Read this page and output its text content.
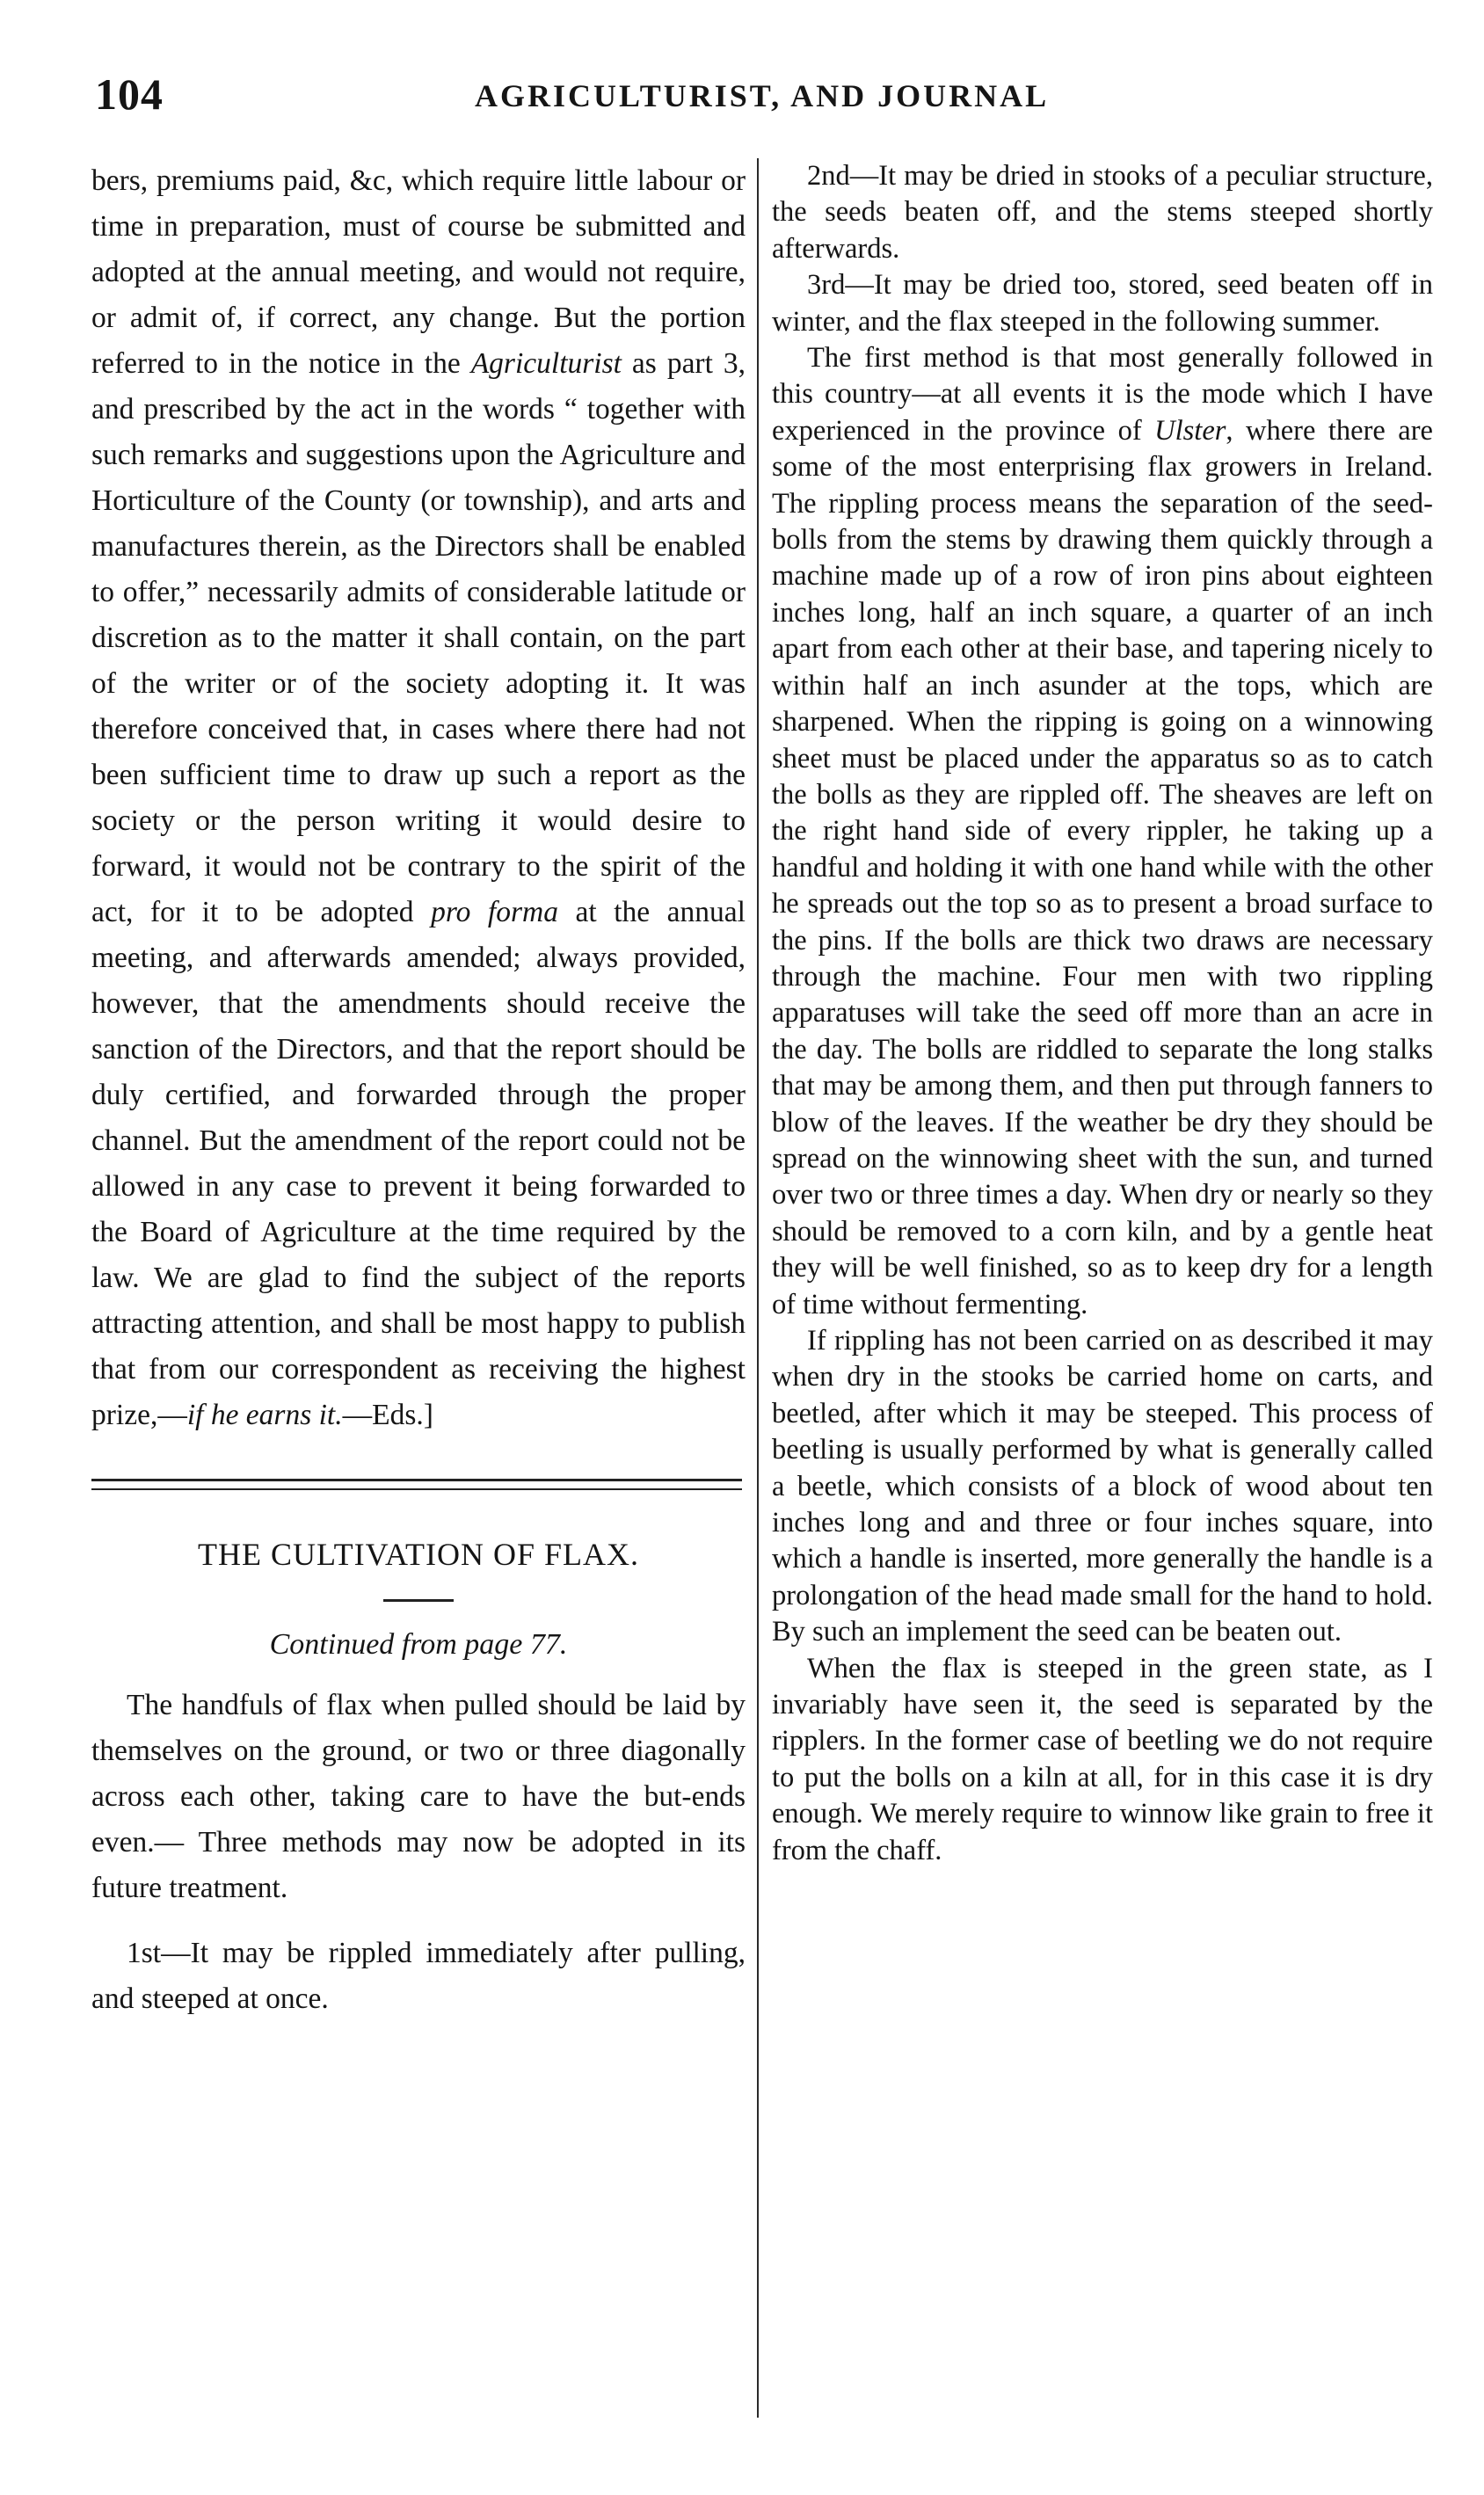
104	AGRICULTURIST, AND JOURNAL

bers, premiums paid, &c, which require little labour or time in preparation, must of course be submitted and adopted at the annual meeting, and would not require, or admit of, if correct, any change. But the portion referred to in the notice in the Agriculturist as part 3, and prescribed by the act in the words “ together with such remarks and suggestions upon the Agriculture and Horticulture of the County (or township), and arts and manufactures therein, as the Directors shall be enabled to offer,” necessarily admits of considerable latitude or discretion as to the matter it shall contain, on the part of the writer or of the society adopting it. It was therefore conceived that, in cases where there had not been sufficient time to draw up such a report as the society or the person writing it would desire to forward, it would not be contrary to the spirit of the act, for it to be adopted pro forma at the annual meeting, and afterwards amended; always provided, however, that the amendments should receive the sanction of the Directors, and that the report should be duly certified, and forwarded through the proper channel. But the amendment of the report could not be allowed in any case to prevent it being forwarded to the Board of Agriculture at the time required by the law. We are glad to find the subject of the reports attracting attention, and shall be most happy to publish that from our correspondent as receiving the highest prize,—if he earns it.—Eds.]

THE CULTIVATION OF FLAX.
Continued from page 77.

The handfuls of flax when pulled should be laid by themselves on the ground, or two or three diagonally across each other, taking care to have the but-ends even.— Three methods may now be adopted in its future treatment.

1st—It may be rippled immediately after pulling, and steeped at once.

2nd—It may be dried in stooks of a peculiar structure, the seeds beaten off, and the stems steeped shortly afterwards.

3rd—It may be dried too, stored, seed beaten off in winter, and the flax steeped in the following summer.

The first method is that most generally followed in this country—at all events it is the mode which I have experienced in the province of Ulster, where there are some of the most enterprising flax growers in Ireland. The rippling process means the separation of the seed-bolls from the stems by drawing them quickly through a machine made up of a row of iron pins about eighteen inches long, half an inch square, a quarter of an inch apart from each other at their base, and tapering nicely to within half an inch asunder at the tops, which are sharpened. When the ripping is going on a winnowing sheet must be placed under the apparatus so as to catch the bolls as they are rippled off. The sheaves are left on the right hand side of every rippler, he taking up a handful and holding it with one hand while with the other he spreads out the top so as to present a broad surface to the pins. If the bolls are thick two draws are necessary through the machine. Four men with two rippling apparatuses will take the seed off more than an acre in the day. The bolls are riddled to separate the long stalks that may be among them, and then put through fanners to blow of the leaves. If the weather be dry they should be spread on the winnowing sheet with the sun, and turned over two or three times a day. When dry or nearly so they should be removed to a corn kiln, and by a gentle heat they will be well finished, so as to keep dry for a length of time without fermenting.

If rippling has not been carried on as described it may when dry in the stooks be carried home on carts, and beetled, after which it may be steeped. This process of beetling is usually performed by what is generally called a beetle, which consists of a block of wood about ten inches long and and three or four inches square, into which a handle is inserted, more generally the handle is a prolongation of the head made small for the hand to hold. By such an implement the seed can be beaten out.

When the flax is steeped in the green state, as I invariably have seen it, the seed is separated by the ripplers. In the former case of beetling we do not require to put the bolls on a kiln at all, for in this case it is dry enough. We merely require to winnow like grain to free it from the chaff.
